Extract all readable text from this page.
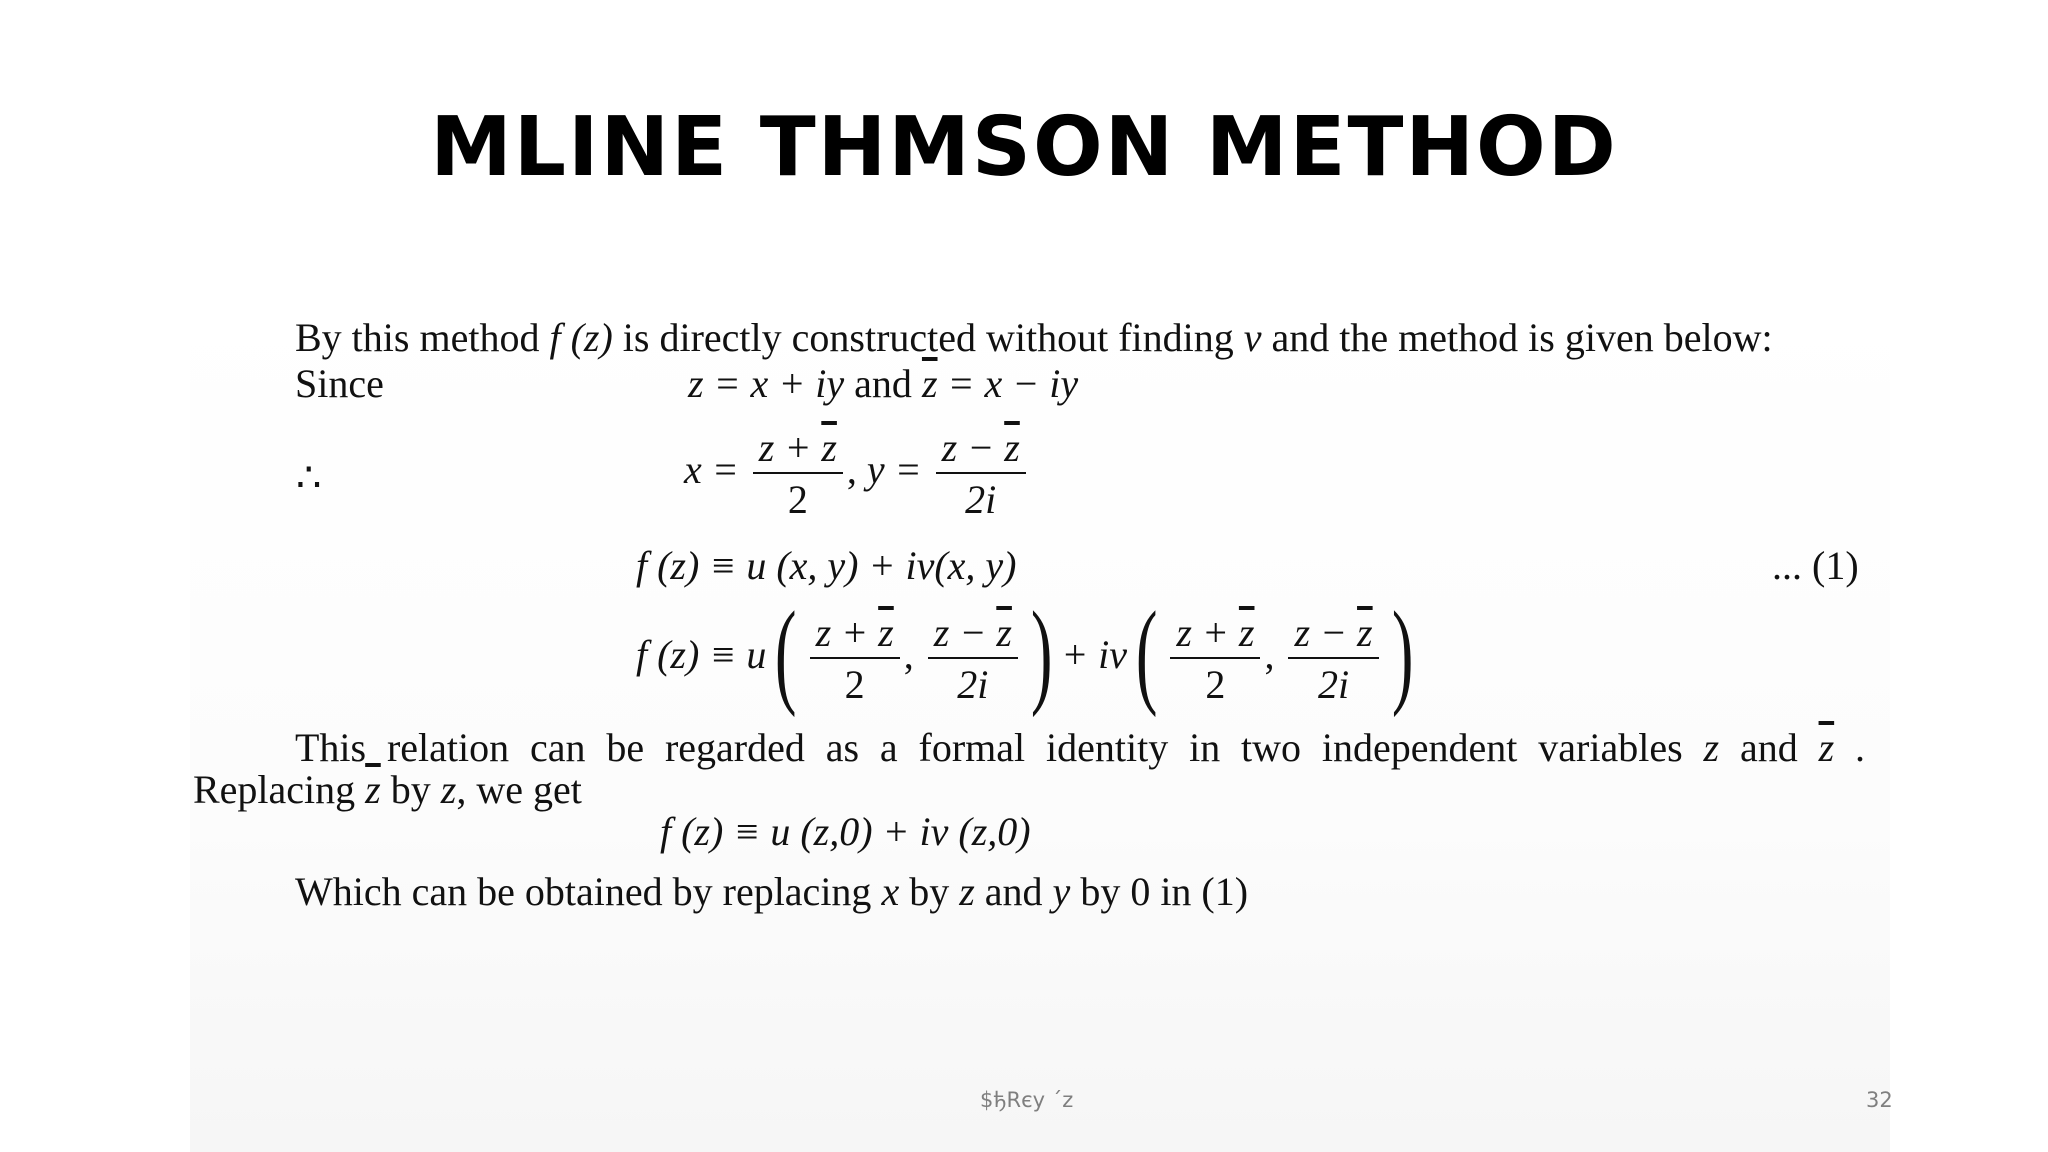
MLINE THMSON METHOD
By this method f (z) is directly constructed without finding v and the method is given below:
Since	z = x + iy and $\overline{z} = x$ − iy
∴	$x = \frac{z + \overline{z}}{2}$ , $y = \frac{z - \overline{z}}{2i}$
f (z) ≡ u (x, y) + iv(x, y)	... (1)
f (z) ≡ u ( $\frac{z + \overline{z}}{2}$ , $\frac{z - \overline{z}}{2i}$ ) + iv ( $\frac{z + \overline{z}}{2}$ , $\frac{z - \overline{z}}{2i}$ )
This relation can be regarded as a formal identity in two independent variables z and $\overline{z}$ .
Replacing $\overline{z}$ by z, we get
f (z) ≡ u (z,0) + iv (z,0)
Which can be obtained by replacing x by z and y by 0 in (1)
$ђRєy ´z	32
